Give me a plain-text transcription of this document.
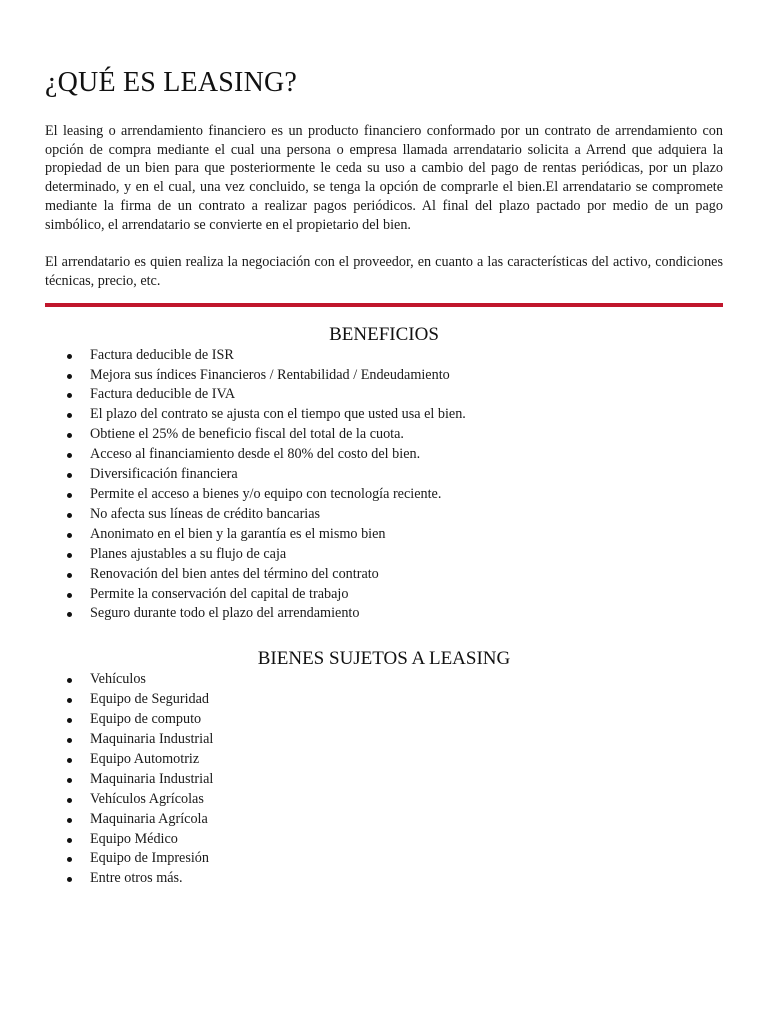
¿QUÉ ES LEASING?

El leasing o arrendamiento financiero es un producto financiero conformado por un contrato de arrendamiento con opción de compra mediante el cual una persona o empresa llamada arrendatario solicita a Arrend que adquiera la propiedad de un bien para que posteriormente le ceda su uso a cambio del pago de rentas periódicas, por un plazo determinado, y en el cual, una vez concluido, se tenga la opción de comprarle el bien.El arrendatario se compromete mediante la firma de un contrato a realizar pagos periódicos. Al final del plazo pactado por medio de un pago simbólico, el arrendatario se convierte en el propietario del bien.

El arrendatario es quien realiza la negociación con el proveedor, en cuanto a las características del activo, condiciones técnicas, precio, etc.

BENEFICIOS
Factura deducible de ISR
Mejora sus índices Financieros / Rentabilidad / Endeudamiento
Factura deducible de IVA
El plazo del contrato se ajusta con el tiempo que usted usa el bien.
Obtiene el 25% de beneficio fiscal del total de la cuota.
Acceso al financiamiento desde el 80% del costo del bien.
Diversificación financiera
Permite el acceso a bienes y/o equipo con tecnología reciente.
No afecta sus líneas de crédito bancarias
Anonimato en el bien y la garantía es el mismo bien
Planes ajustables a su flujo de caja
Renovación del bien antes del término del contrato
Permite la conservación del capital de trabajo
Seguro durante todo el plazo del arrendamiento
BIENES SUJETOS A LEASING
Vehículos
Equipo de Seguridad
Equipo de computo
Maquinaria Industrial
Equipo Automotriz
Maquinaria Industrial
Vehículos Agrícolas
Maquinaria Agrícola
Equipo Médico
Equipo de Impresión
Entre otros más.
